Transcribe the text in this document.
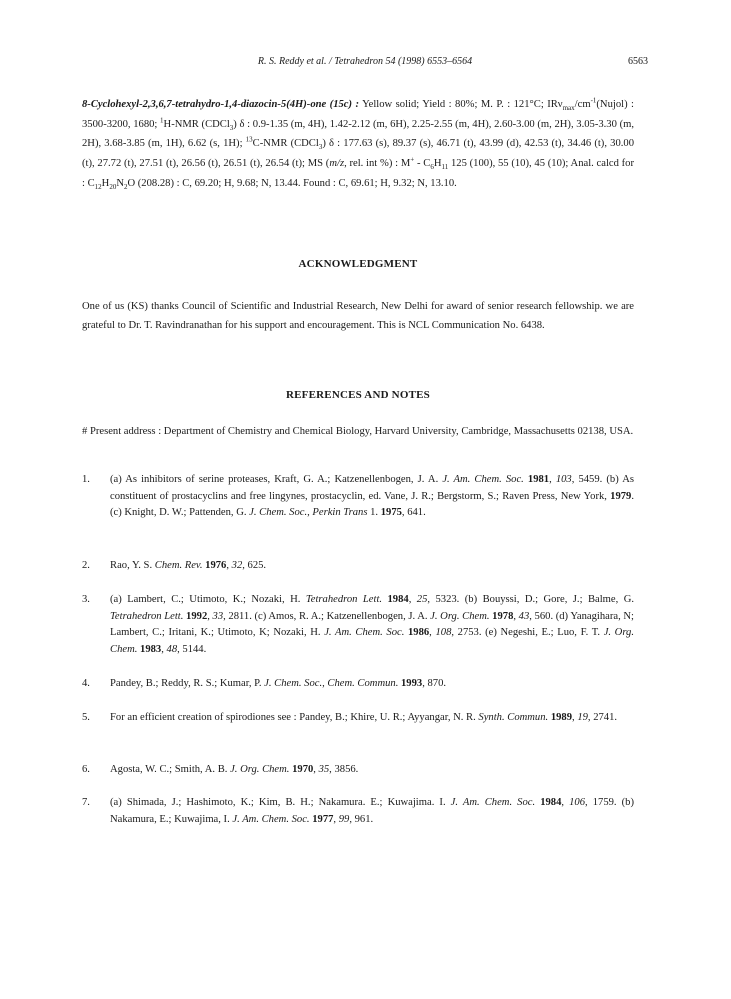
R. S. Reddy et al. / Tetrahedron 54 (1998) 6553–6564	6563
8-Cyclohexyl-2,3,6,7-tetrahydro-1,4-diazocin-5(4H)-one (15c) : Yellow solid; Yield : 80%; M. P. : 121°C; $IR\nu_{max}/cm^{-1}(Nujol)$ : 3500-3200, 1680; $^1$H-NMR (CDCl$_3$) δ : 0.9-1.35 (m, 4H), 1.42-2.12 (m, 6H), 2.25-2.55 (m, 4H), 2.60-3.00 (m, 2H), 3.05-3.30 (m, 2H), 3.68-3.85 (m, 1H), 6.62 (s, 1H); $^{13}$C-NMR (CDCl$_3$) δ : 177.63 (s), 89.37 (s), 46.71 (t), 43.99 (d), 42.53 (t), 34.46 (t), 30.00 (t), 27.72 (t), 27.51 (t), 26.56 (t), 26.51 (t), 26.54 (t); MS (m/z, rel. int %) : $M^+ - C_6H_{11}$ 125 (100), 55 (10), 45 (10); Anal. calcd for : $C_{12}H_{20}N_2O$ (208.28) : C, 69.20; H, 9.68; N, 13.44. Found : C, 69.61; H, 9.32; N, 13.10.
ACKNOWLEDGMENT
One of us (KS) thanks Council of Scientific and Industrial Research, New Delhi for award of senior research fellowship. we are grateful to Dr. T. Ravindranathan for his support and encouragement. This is NCL Communication No. 6438.
REFERENCES AND NOTES
# Present address : Department of Chemistry and Chemical Biology, Harvard University, Cambridge, Massachusetts 02138, USA.
1. (a) As inhibitors of serine proteases, Kraft, G. A.; Katzenellenbogen, J. A. J. Am. Chem. Soc. 1981, 103, 5459. (b) As constituent of prostacyclins and free lingynes, prostacyclin, ed. Vane, J. R.; Bergstorm, S.; Raven Press, New York, 1979. (c) Knight, D. W.; Pattenden, G. J. Chem. Soc., Perkin Trans 1. 1975, 641.
2. Rao, Y. S. Chem. Rev. 1976, 32, 625.
3. (a) Lambert, C.; Utimoto, K.; Nozaki, H. Tetrahedron Lett. 1984, 25, 5323. (b) Bouyssi, D.; Gore, J.; Balme, G. Tetrahedron Lett. 1992, 33, 2811. (c) Amos, R. A.; Katzenellenbogen, J. A. J. Org. Chem. 1978, 43, 560. (d) Yanagihara, N; Lambert, C.; Iritani, K.; Utimoto, K; Nozaki, H. J. Am. Chem. Soc. 1986, 108, 2753. (e) Negeshi, E.; Luo, F. T. J. Org. Chem. 1983, 48, 5144.
4. Pandey, B.; Reddy, R. S.; Kumar, P. J. Chem. Soc., Chem. Commun. 1993, 870.
5. For an efficient creation of spirodiones see : Pandey, B.; Khire, U. R.; Ayyangar, N. R. Synth. Commun. 1989, 19, 2741.
6. Agosta, W. C.; Smith, A. B. J. Org. Chem. 1970, 35, 3856.
7. (a) Shimada, J.; Hashimoto, K.; Kim, B. H.; Nakamura. E.; Kuwajima. I. J. Am. Chem. Soc. 1984, 106, 1759. (b) Nakamura, E.; Kuwajima, I. J. Am. Chem. Soc. 1977, 99, 961.
